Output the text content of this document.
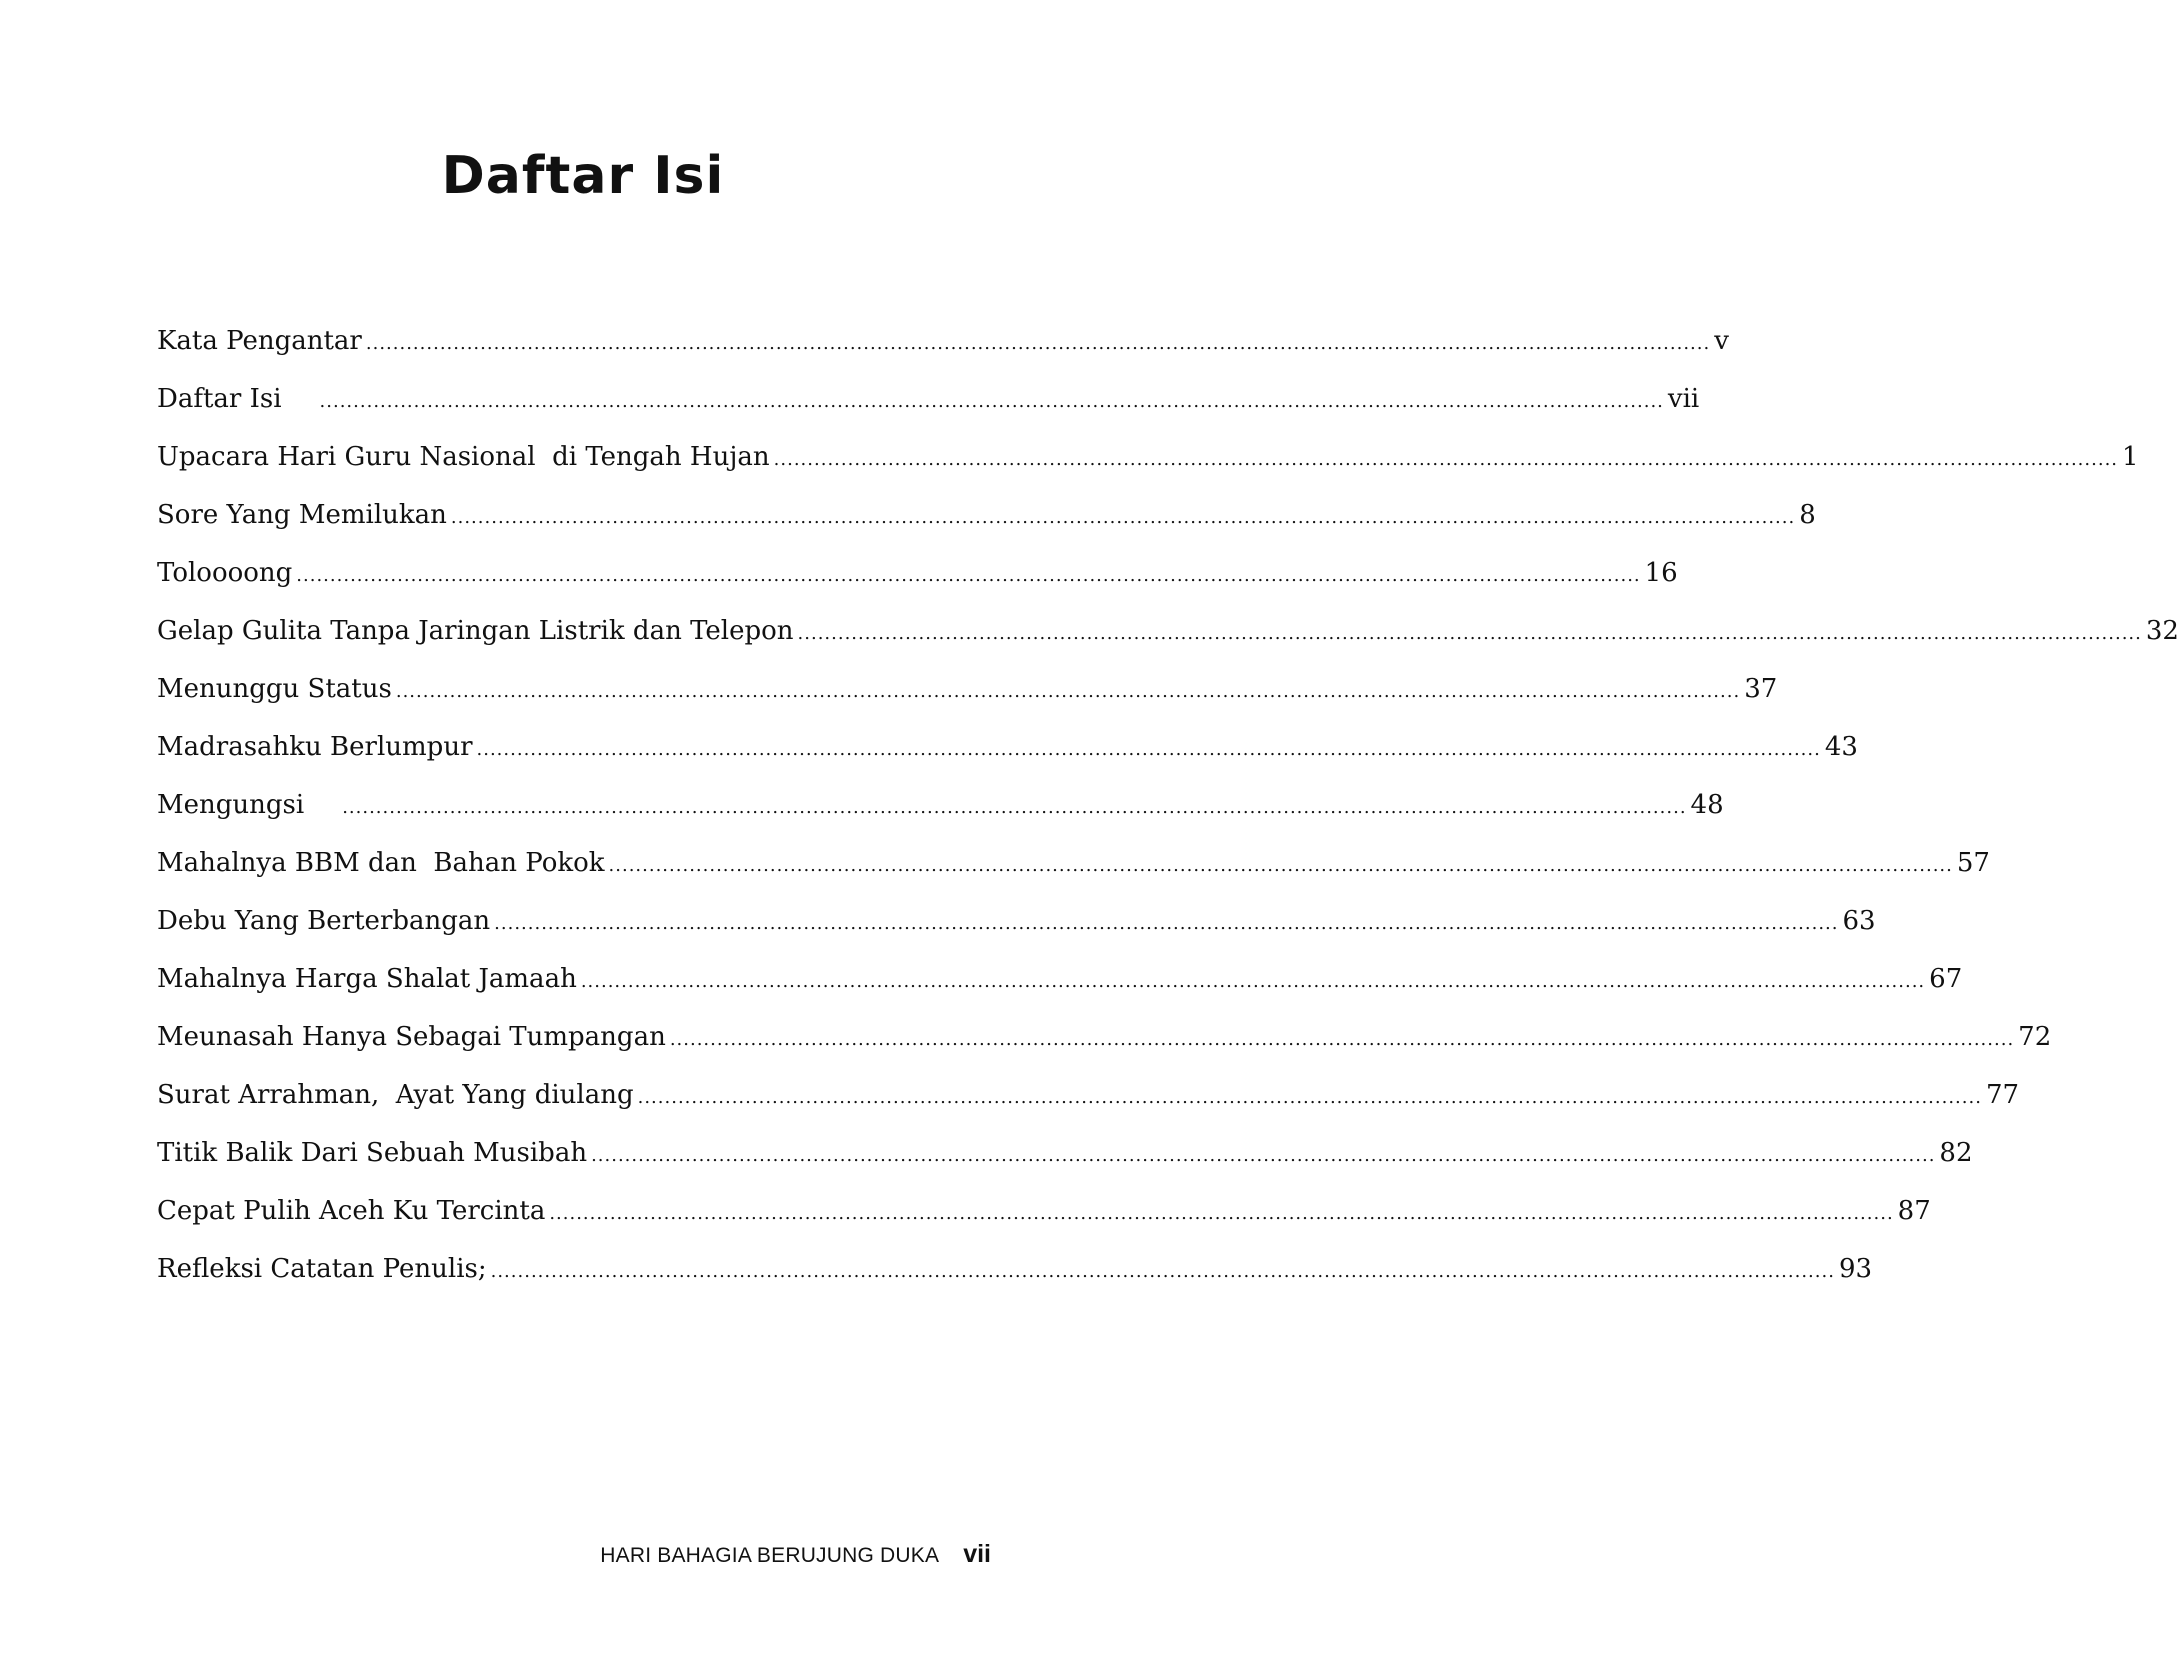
Daftar Isi
Kata Pengantar ........................................................................................................................................................................................................ v
Daftar Isi ........................................................................................................................................................................................................ vii
Upacara Hari Guru Nasional  di Tengah Hujan ........................................................................................................................................................................................................ 1
Sore Yang Memilukan ........................................................................................................................................................................................................ 8
Toloooong ........................................................................................................................................................................................................ 16
Gelap Gulita Tanpa Jaringan Listrik dan Telepon ........................................................................................................................................................................................................ 32
Menunggu Status ........................................................................................................................................................................................................ 37
Madrasahku Berlumpur ........................................................................................................................................................................................................ 43
Mengungsi ........................................................................................................................................................................................................ 48
Mahalnya BBM dan  Bahan Pokok ........................................................................................................................................................................................................ 57
Debu Yang Berterbangan ........................................................................................................................................................................................................ 63
Mahalnya Harga Shalat Jamaah ........................................................................................................................................................................................................ 67
Meunasah Hanya Sebagai Tumpangan ........................................................................................................................................................................................................ 72
Surat Arrahman,  Ayat Yang diulang ........................................................................................................................................................................................................ 77
Titik Balik Dari Sebuah Musibah ........................................................................................................................................................................................................ 82
Cepat Pulih Aceh Ku Tercinta ........................................................................................................................................................................................................ 87
Refleksi Catatan Penulis; ........................................................................................................................................................................................................ 93
HARI BAHAGIA BERUJUNG DUKA vii
